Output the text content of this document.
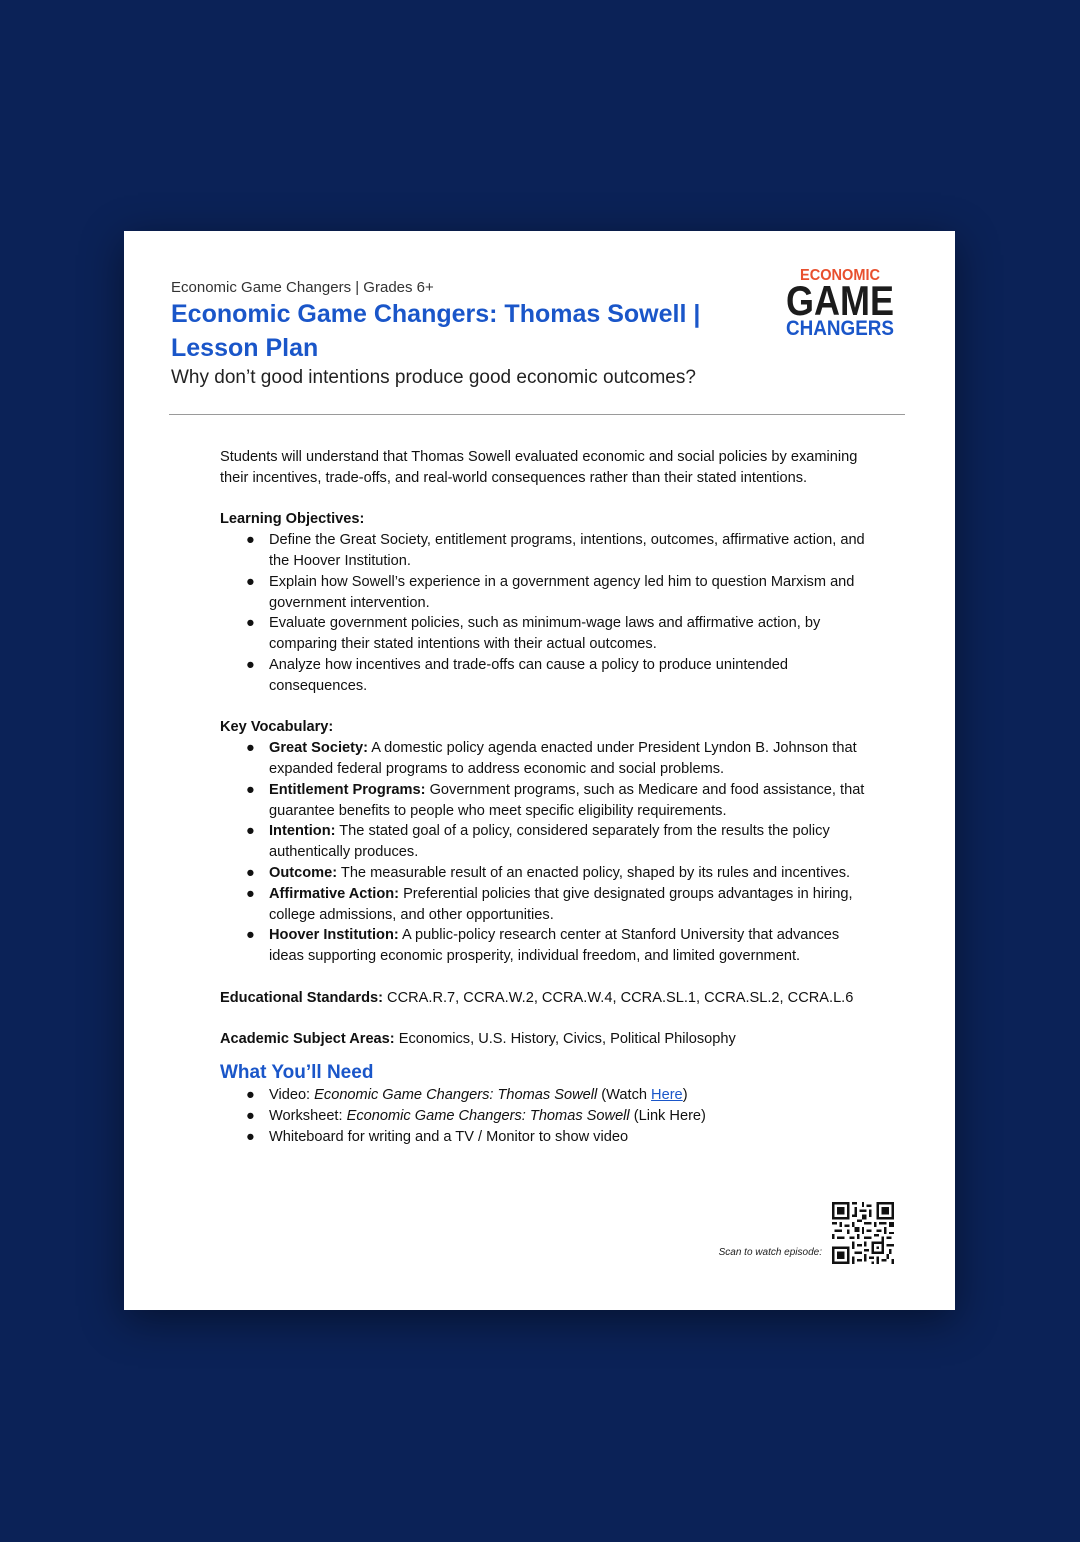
Economic Game Changers | Grades 6+
Economic Game Changers: Thomas Sowell | Lesson Plan
Why don’t good intentions produce good economic outcomes?
ECONOMIC
GAME
CHANGERS

Students will understand that Thomas Sowell evaluated economic and social policies by examining their incentives, trade-offs, and real-world consequences rather than their stated intentions.

Learning Objectives:

● Define the Great Society, entitlement programs, intentions, outcomes, affirmative action, and the Hoover Institution.
● Explain how Sowell’s experience in a government agency led him to question Marxism and government intervention.
● Evaluate government policies, such as minimum-wage laws and affirmative action, by comparing their stated intentions with their actual outcomes.
● Analyze how incentives and trade-offs can cause a policy to produce unintended consequences.

Key Vocabulary:

● Great Society: A domestic policy agenda enacted under President Lyndon B. Johnson that expanded federal programs to address economic and social problems.
● Entitlement Programs: Government programs, such as Medicare and food assistance, that guarantee benefits to people who meet specific eligibility requirements.
● Intention: The stated goal of a policy, considered separately from the results the policy authentically produces.
● Outcome: The measurable result of an enacted policy, shaped by its rules and incentives.
● Affirmative Action: Preferential policies that give designated groups advantages in hiring, college admissions, and other opportunities.
● Hoover Institution: A public-policy research center at Stanford University that advances ideas supporting economic prosperity, individual freedom, and limited government.

Educational Standards: CCRA.R.7, CCRA.W.2, CCRA.W.4, CCRA.SL.1, CCRA.SL.2, CCRA.L.6

Academic Subject Areas: Economics, U.S. History, Civics, Political Philosophy

What You’ll Need
● Video: Economic Game Changers: Thomas Sowell (Watch Here)
● Worksheet: Economic Game Changers: Thomas Sowell (Link Here)
● Whiteboard for writing and a TV / Monitor to show video
Scan to watch episode:
